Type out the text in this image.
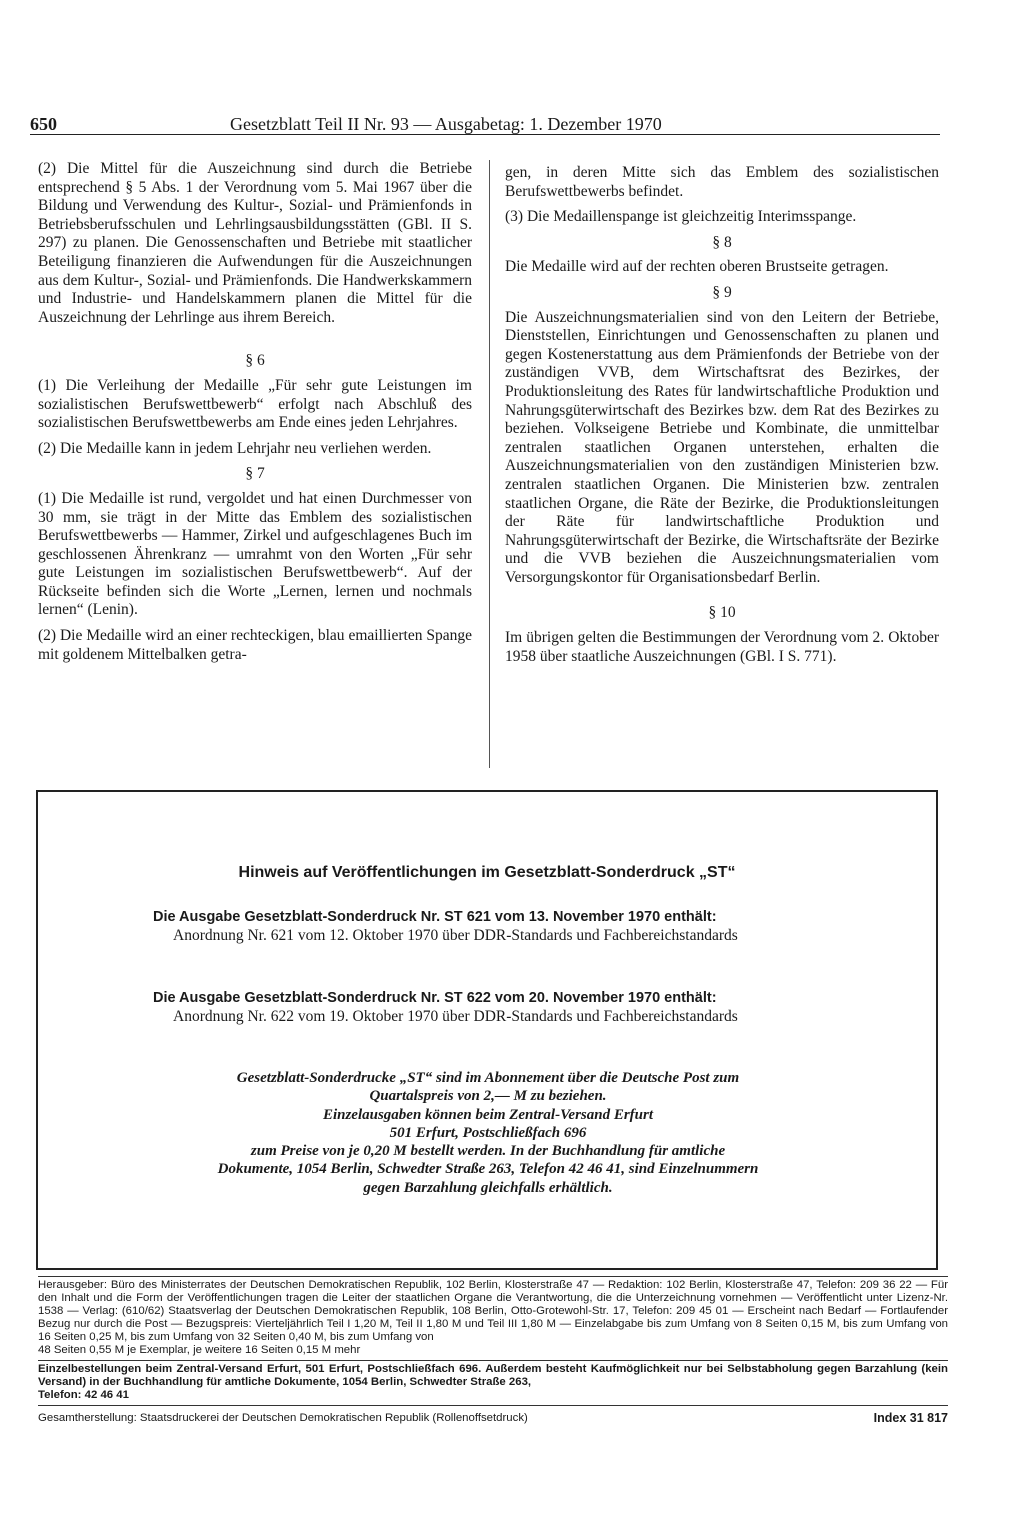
650	Gesetzblatt Teil II Nr. 93 — Ausgabetag: 1. Dezember 1970

(2) Die Mittel für die Auszeichnung sind durch die Betriebe entsprechend § 5 Abs. 1 der Verordnung vom 5. Mai 1967 über die Bildung und Verwendung des Kultur-, Sozial- und Prämienfonds in Betriebsberufsschulen und Lehrlingsausbildungsstätten (GBl. II S. 297) zu planen. Die Genossenschaften und Betriebe mit staatlicher Beteiligung finanzieren die Aufwendungen für die Auszeichnungen aus dem Kultur-, Sozial- und Prämienfonds. Die Handwerkskammern und Industrie- und Handelskammern planen die Mittel für die Auszeichnung der Lehrlinge aus ihrem Bereich.

§ 6

(1) Die Verleihung der Medaille „Für sehr gute Leistungen im sozialistischen Berufswettbewerb“ erfolgt nach Abschluß des sozialistischen Berufswettbewerbs am Ende eines jeden Lehrjahres.

(2) Die Medaille kann in jedem Lehrjahr neu verliehen werden.

§ 7

(1) Die Medaille ist rund, vergoldet und hat einen Durchmesser von 30 mm, sie trägt in der Mitte das Emblem des sozialistischen Berufswettbewerbs — Hammer, Zirkel und aufgeschlagenes Buch im geschlossenen Ährenkranz — umrahmt von den Worten „Für sehr gute Leistungen im sozialistischen Berufswettbewerb“. Auf der Rückseite befinden sich die Worte „Lernen, lernen und nochmals lernen“ (Lenin).

(2) Die Medaille wird an einer rechteckigen, blau emaillierten Spange mit goldenem Mittelbalken getra-

gen, in deren Mitte sich das Emblem des sozialistischen Berufswettbewerbs befindet.

(3) Die Medaillenspange ist gleichzeitig Interimsspange.

§ 8

Die Medaille wird auf der rechten oberen Brustseite getragen.

§ 9

Die Auszeichnungsmaterialien sind von den Leitern der Betriebe, Dienststellen, Einrichtungen und Genossenschaften zu planen und gegen Kostenerstattung aus dem Prämienfonds der Betriebe von der zuständigen VVB, dem Wirtschaftsrat des Bezirkes, der Produktionsleitung des Rates für landwirtschaftliche Produktion und Nahrungsgüterwirtschaft des Bezirkes bzw. dem Rat des Bezirkes zu beziehen. Volkseigene Betriebe und Kombinate, die unmittelbar zentralen staatlichen Organen unterstehen, erhalten die Auszeichnungsmaterialien von den zuständigen Ministerien bzw. zentralen staatlichen Organen. Die Ministerien bzw. zentralen staatlichen Organe, die Räte der Bezirke, die Produktionsleitungen der Räte für landwirtschaftliche Produktion und Nahrungsgüterwirtschaft der Bezirke, die Wirtschaftsräte der Bezirke und die VVB beziehen die Auszeichnungsmaterialien vom Versorgungskontor für Organisationsbedarf Berlin.

§ 10

Im übrigen gelten die Bestimmungen der Verordnung vom 2. Oktober 1958 über staatliche Auszeichnungen (GBl. I S. 771).

Hinweis auf Veröffentlichungen im Gesetzblatt-Sonderdruck „ST“
Die Ausgabe Gesetzblatt-Sonderdruck Nr. ST 621 vom 13. November 1970 enthält:
Anordnung Nr. 621 vom 12. Oktober 1970 über DDR-Standards und Fachbereichstandards
Die Ausgabe Gesetzblatt-Sonderdruck Nr. ST 622 vom 20. November 1970 enthält:
Anordnung Nr. 622 vom 19. Oktober 1970 über DDR-Standards und Fachbereichstandards
Gesetzblatt-Sonderdrucke „ST“ sind im Abonnement über die Deutsche Post zum
Quartalspreis von 2,— M zu beziehen.
Einzelausgaben können beim Zentral-Versand Erfurt
501 Erfurt, Postschließfach 696
zum Preise von je 0,20 M bestellt werden. In der Buchhandlung für amtliche
Dokumente, 1054 Berlin, Schwedter Straße 263, Telefon 42 46 41, sind Einzelnummern
gegen Barzahlung gleichfalls erhältlich.

Herausgeber: Büro des Ministerrates der Deutschen Demokratischen Republik, 102 Berlin, Klosterstraße 47 — Redaktion: 102 Berlin, Klosterstraße 47, Telefon: 209 36 22 — Für den Inhalt und die Form der Veröffentlichungen tragen die Leiter der staatlichen Organe die Verantwortung, die die Unterzeichnung vornehmen — Veröffentlicht unter Lizenz-Nr. 1538 — Verlag: (610/62) Staatsverlag der Deutschen Demokratischen Republik, 108 Berlin, Otto-Grotewohl-Str. 17, Telefon: 209 45 01 — Erscheint nach Bedarf — Fortlaufender Bezug nur durch die Post — Bezugspreis: Vierteljährlich Teil I 1,20 M, Teil II 1,80 M und Teil III 1,80 M — Einzelabgabe bis zum Umfang von 8 Seiten 0,15 M, bis zum Umfang von 16 Seiten 0,25 M, bis zum Umfang von 32 Seiten 0,40 M, bis zum Umfang von

48 Seiten 0,55 M je Exemplar, je weitere 16 Seiten 0,15 M mehr

Einzelbestellungen beim Zentral-Versand Erfurt, 501 Erfurt, Postschließfach 696. Außerdem besteht Kaufmöglichkeit nur bei Selbstabholung gegen Barzahlung (kein Versand) in der Buchhandlung für amtliche Dokumente, 1054 Berlin, Schwedter Straße 263,

Telefon: 42 46 41

Gesamtherstellung: Staatsdruckerei der Deutschen Demokratischen Republik (Rollenoffsetdruck)	Index 31 817
